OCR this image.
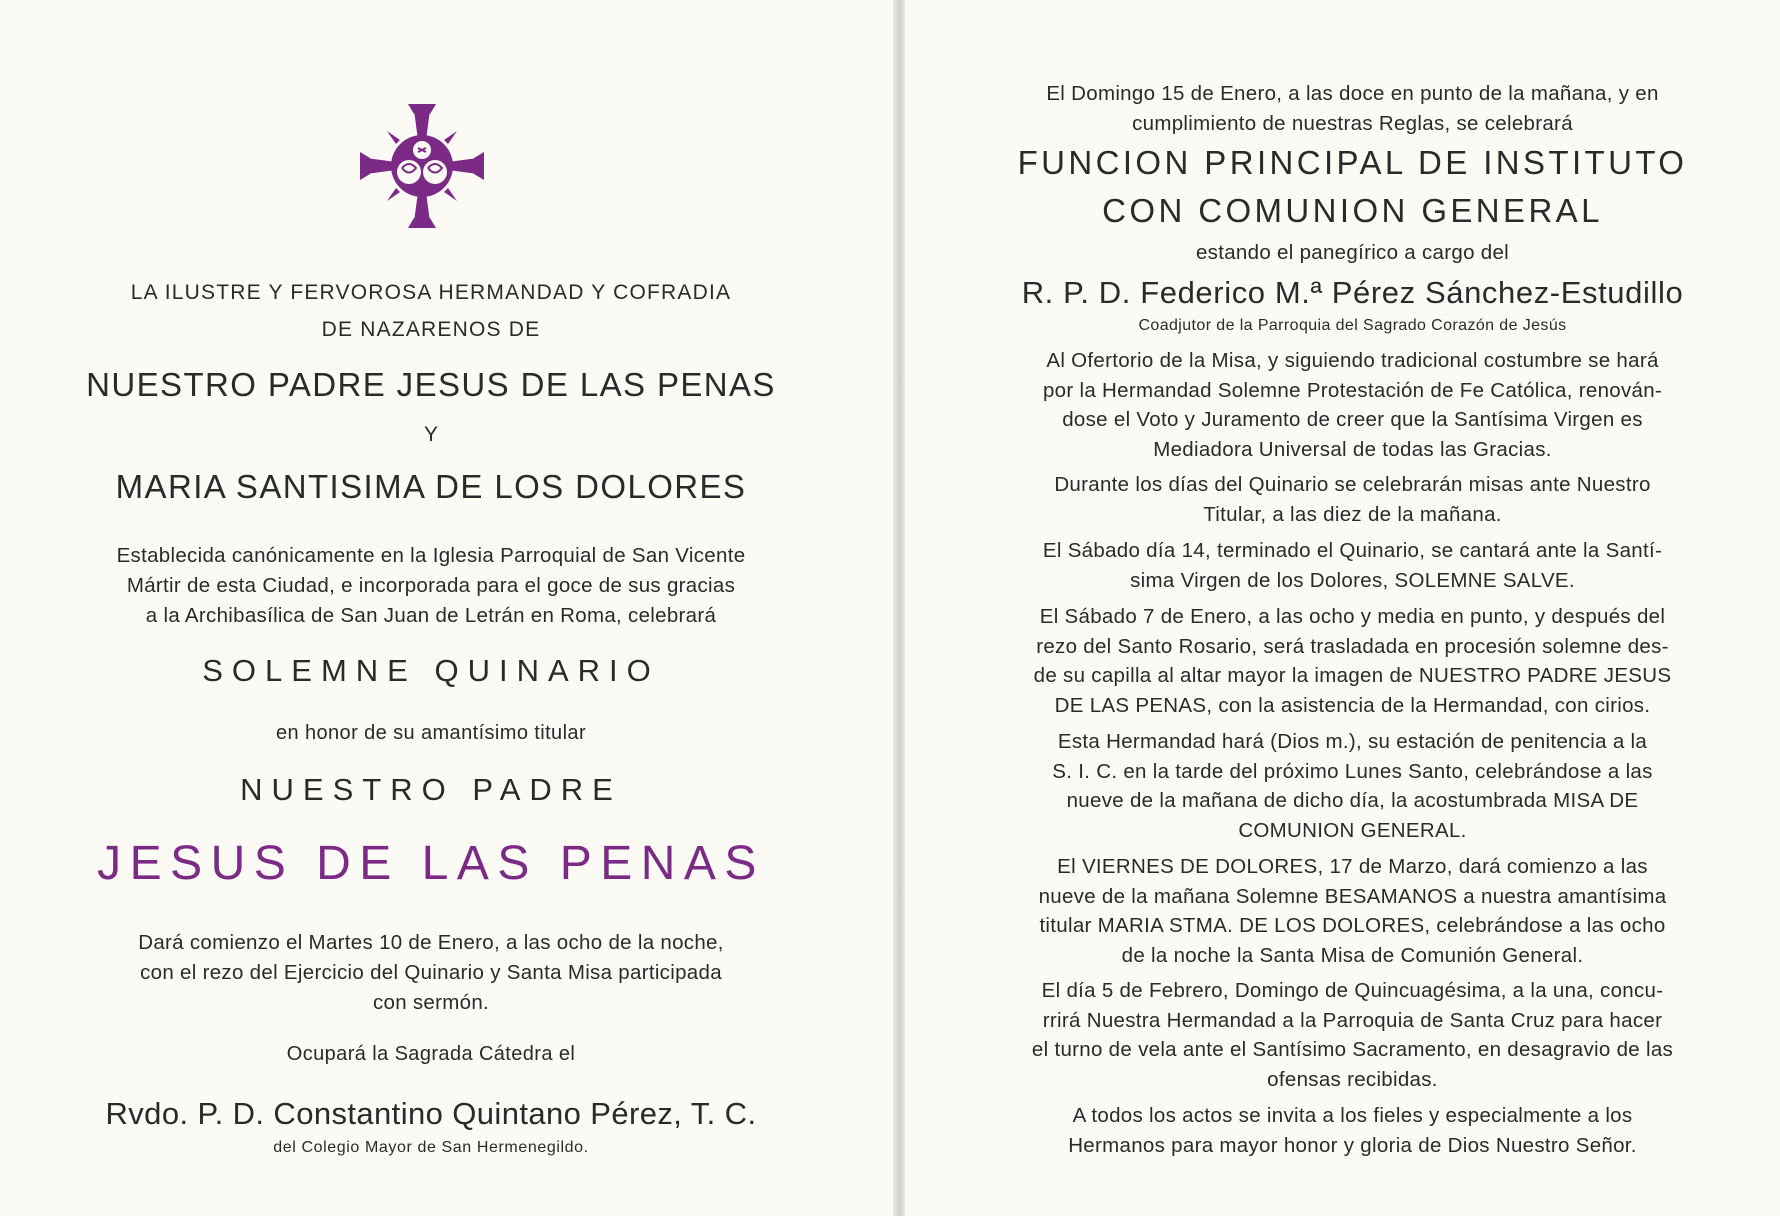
LA ILUSTRE Y FERVOROSA HERMANDAD Y COFRADIA
DE NAZARENOS DE
NUESTRO PADRE JESUS DE LAS PENAS
Y
MARIA SANTISIMA DE LOS DOLORES
Establecida canónicamente en la Iglesia Parroquial de San Vicente
Mártir de esta Ciudad, e incorporada para el goce de sus gracias
a la Archibasílica de San Juan de Letrán en Roma, celebrará
SOLEMNE QUINARIO
en honor de su amantísimo titular
NUESTRO PADRE
JESUS DE LAS PENAS
Dará comienzo el Martes 10 de Enero, a las ocho de la noche,
con el rezo del Ejercicio del Quinario y Santa Misa participada
con sermón.
Ocupará la Sagrada Cátedra el
Rvdo. P. D. Constantino Quintano Pérez, T. C.
del Colegio Mayor de San Hermenegildo.
El Domingo 15 de Enero, a las doce en punto de la mañana, y en
cumplimiento de nuestras Reglas, se celebrará
FUNCION PRINCIPAL DE INSTITUTO
CON COMUNION GENERAL
estando el panegírico a cargo del
R. P. D. Federico M.ª Pérez Sánchez-Estudillo
Coadjutor de la Parroquia del Sagrado Corazón de Jesús
Al Ofertorio de la Misa, y siguiendo tradicional costumbre se hará
por la Hermandad Solemne Protestación de Fe Católica, renován-
dose el Voto y Juramento de creer que la Santísima Virgen es
Mediadora Universal de todas las Gracias.
Durante los días del Quinario se celebrarán misas ante Nuestro
Titular, a las diez de la mañana.
El Sábado día 14, terminado el Quinario, se cantará ante la Santí-
sima Virgen de los Dolores, SOLEMNE SALVE.
El Sábado 7 de Enero, a las ocho y media en punto, y después del
rezo del Santo Rosario, será trasladada en procesión solemne des-
de su capilla al altar mayor la imagen de NUESTRO PADRE JESUS
DE LAS PENAS, con la asistencia de la Hermandad, con cirios.
Esta Hermandad hará (Dios m.), su estación de penitencia a la
S. I. C. en la tarde del próximo Lunes Santo, celebrándose a las
nueve de la mañana de dicho día, la acostumbrada MISA DE
COMUNION GENERAL.
El VIERNES DE DOLORES, 17 de Marzo, dará comienzo a las
nueve de la mañana Solemne BESAMANOS a nuestra amantísima
titular MARIA STMA. DE LOS DOLORES, celebrándose a las ocho
de la noche la Santa Misa de Comunión General.
El día 5 de Febrero, Domingo de Quincuagésima, a la una, concu-
rrirá Nuestra Hermandad a la Parroquia de Santa Cruz para hacer
el turno de vela ante el Santísimo Sacramento, en desagravio de las
ofensas recibidas.
A todos los actos se invita a los fieles y especialmente a los
Hermanos para mayor honor y gloria de Dios Nuestro Señor.
